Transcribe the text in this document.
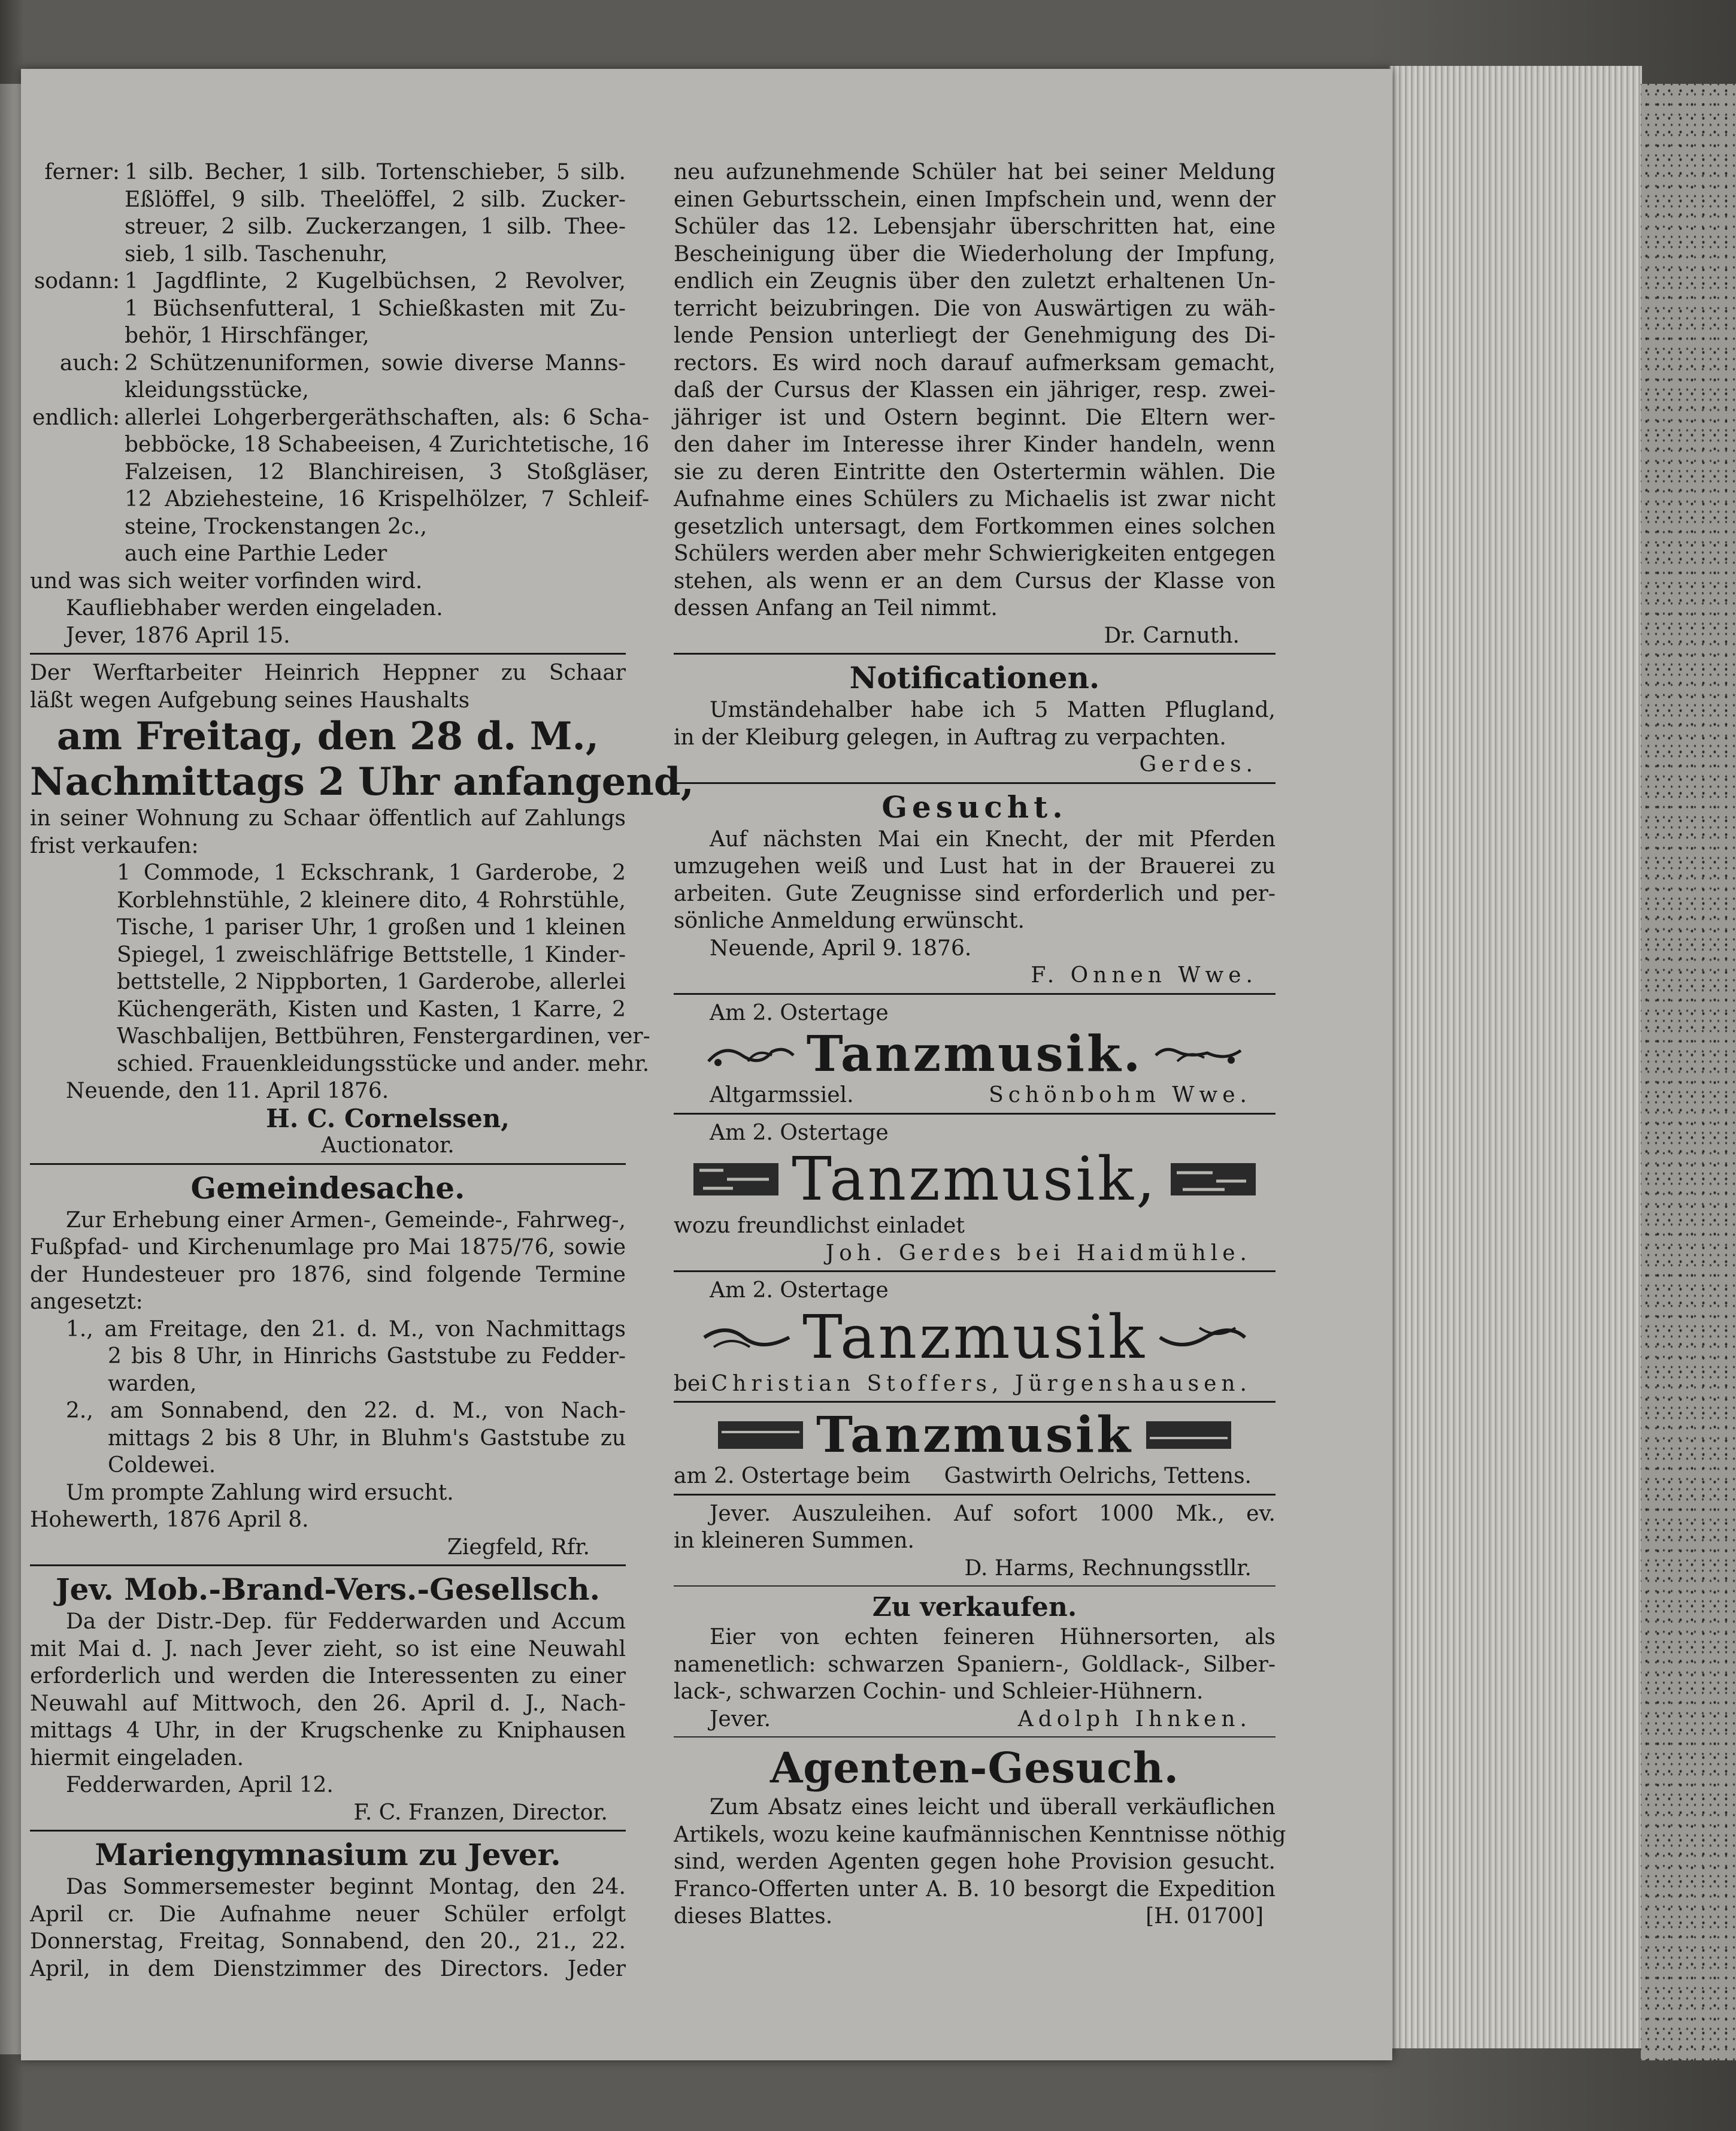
ferner: 1 silb. Becher, 1 silb. Tortenschieber, 5 silb.
Eßlöffel, 9 silb. Theelöffel, 2 silb. Zucker-
streuer, 2 silb. Zuckerzangen, 1 silb. Thee-
sieb, 1 silb. Taschenuhr,
sodann: 1 Jagdflinte, 2 Kugelbüchsen, 2 Revolver,
1 Büchsenfutteral, 1 Schießkasten mit Zu-
behör, 1 Hirschfänger,
auch: 2 Schützenuniformen, sowie diverse Manns-
kleidungsstücke,
endlich: allerlei Lohgerbergeräthschaften, als: 6 Scha-
bebböcke, 18 Schabeeisen, 4 Zurichtetische, 16
Falzeisen, 12 Blanchireisen, 3 Stoßgläser,
12 Abziehesteine, 16 Krispelhölzer, 7 Schleif-
steine, Trockenstangen 2c.,
auch eine Parthie Leder
und was sich weiter vorfinden wird.
Kaufliebhaber werden eingeladen.
Jever, 1876 April 15.
Der Werftarbeiter Heinrich Heppner zu Schaar
läßt wegen Aufgebung seines Haushalts
am Freitag, den 28 d. M.,
Nachmittags 2 Uhr anfangend,
in seiner Wohnung zu Schaar öffentlich auf Zahlungs
frist verkaufen:
1 Commode, 1 Eckschrank, 1 Garderobe, 2
Korblehnstühle, 2 kleinere dito, 4 Rohrstühle,
Tische, 1 pariser Uhr, 1 großen und 1 kleinen
Spiegel, 1 zweischläfrige Bettstelle, 1 Kinder-
bettstelle, 2 Nippborten, 1 Garderobe, allerlei
Küchengeräth, Kisten und Kasten, 1 Karre, 2
Waschbalijen, Bettbühren, Fenstergardinen, ver-
schied. Frauenkleidungsstücke und ander. mehr.
Neuende, den 11. April 1876.
H. C. Cornelssen,
Auctionator.
Gemeindesache.
Zur Erhebung einer Armen-, Gemeinde-, Fahrweg-,
Fußpfad- und Kirchenumlage pro Mai 1875/76, sowie
der Hundesteuer pro 1876, sind folgende Termine
angesetzt:
1., am Freitage, den 21. d. M., von Nachmittags
2 bis 8 Uhr, in Hinrichs Gaststube zu Fedder-
warden,
2., am Sonnabend, den 22. d. M., von Nach-
mittags 2 bis 8 Uhr, in Bluhm's Gaststube zu
Coldewei.
Um prompte Zahlung wird ersucht.
Hohewerth, 1876 April 8.
Ziegfeld, Rfr.
Jev. Mob.-Brand-Vers.-Gesellsch.
Da der Distr.-Dep. für Fedderwarden und Accum
mit Mai d. J. nach Jever zieht, so ist eine Neuwahl
erforderlich und werden die Interessenten zu einer
Neuwahl auf Mittwoch, den 26. April d. J., Nach-
mittags 4 Uhr, in der Krugschenke zu Kniphausen
hiermit eingeladen.
Fedderwarden, April 12.
F. C. Franzen, Director.
Mariengymnasium zu Jever.
Das Sommersemester beginnt Montag, den 24.
April cr. Die Aufnahme neuer Schüler erfolgt
Donnerstag, Freitag, Sonnabend, den 20., 21., 22.
April, in dem Dienstzimmer des Directors. Jeder
neu aufzunehmende Schüler hat bei seiner Meldung
einen Geburtsschein, einen Impfschein und, wenn der
Schüler das 12. Lebensjahr überschritten hat, eine
Bescheinigung über die Wiederholung der Impfung,
endlich ein Zeugnis über den zuletzt erhaltenen Un-
terricht beizubringen. Die von Auswärtigen zu wäh-
lende Pension unterliegt der Genehmigung des Di-
rectors. Es wird noch darauf aufmerksam gemacht,
daß der Cursus der Klassen ein jähriger, resp. zwei-
jähriger ist und Ostern beginnt. Die Eltern wer-
den daher im Interesse ihrer Kinder handeln, wenn
sie zu deren Eintritte den Ostertermin wählen. Die
Aufnahme eines Schülers zu Michaelis ist zwar nicht
gesetzlich untersagt, dem Fortkommen eines solchen
Schülers werden aber mehr Schwierigkeiten entgegen
stehen, als wenn er an dem Cursus der Klasse von
dessen Anfang an Teil nimmt.
Dr. Carnuth.
Notificationen.
Umständehalber habe ich 5 Matten Pflugland,
in der Kleiburg gelegen, in Auftrag zu verpachten.
Gerdes.
Gesucht.
Auf nächsten Mai ein Knecht, der mit Pferden
umzugehen weiß und Lust hat in der Brauerei zu
arbeiten. Gute Zeugnisse sind erforderlich und per-
sönliche Anmeldung erwünscht.
Neuende, April 9. 1876.
F. Onnen Wwe.
Am 2. Ostertage
Tanzmusik.
Altgarmssiel.	Schönbohm Wwe.
Am 2. Ostertage
Tanzmusik,
wozu freundlichst einladet
Joh. Gerdes bei Haidmühle.
Am 2. Ostertage
Tanzmusik
bei Christian Stoffers, Jürgenshausen.
Tanzmusik
am 2. Ostertage beim Gastwirth Oelrichs, Tettens.
Jever. Auszuleihen. Auf sofort 1000 Mk., ev.
in kleineren Summen.
D. Harms, Rechnungsstllr.
Zu verkaufen.
Eier von echten feineren Hühnersorten, als
namenetlich: schwarzen Spaniern-, Goldlack-, Silber-
lack-, schwarzen Cochin- und Schleier-Hühnern.
Jever.	Adolph Ihnken.
Agenten-Gesuch.
Zum Absatz eines leicht und überall verkäuflichen
Artikels, wozu keine kaufmännischen Kenntnisse nöthig
sind, werden Agenten gegen hohe Provision gesucht.
Franco-Offerten unter A. B. 10 besorgt die Expedition
dieses Blattes.	[H. 01700]
